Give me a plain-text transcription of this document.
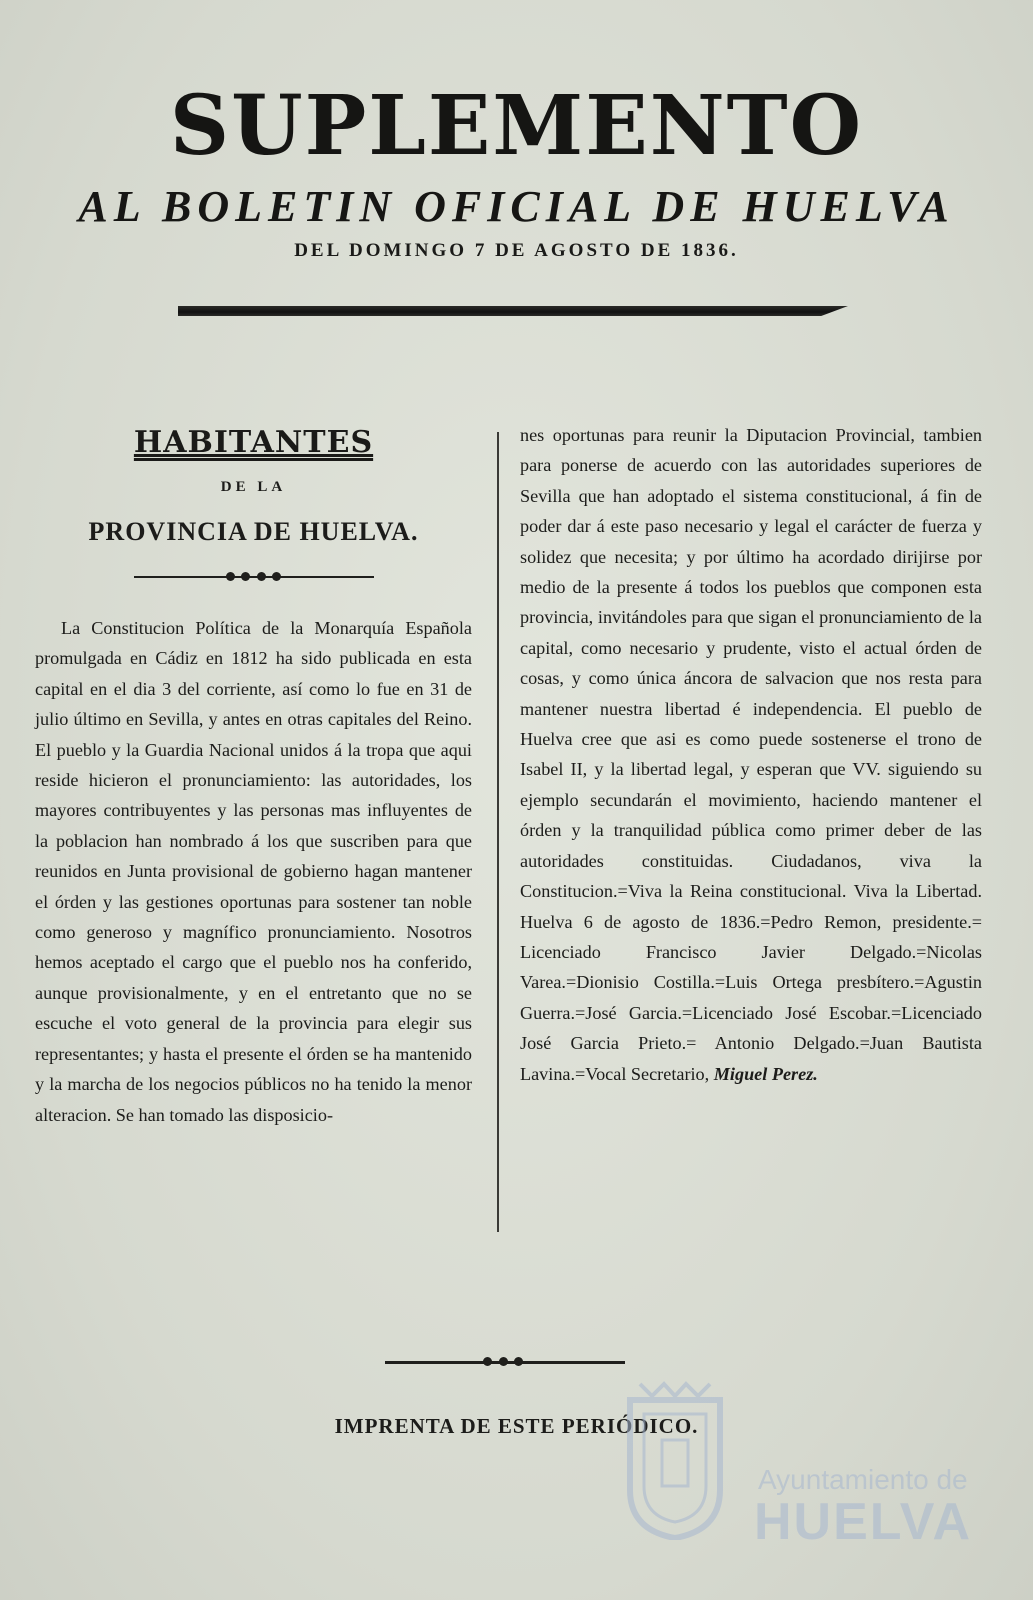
SUPLEMENTO
AL BOLETIN OFICIAL DE HUELVA
DEL DOMINGO 7 DE AGOSTO DE 1836.
HABITANTES
DE LA
PROVINCIA DE HUELVA.

La Constitucion Política de la Monarquía Española promulgada en Cádiz en 1812 ha sido publicada en esta capital en el dia 3 del corriente, así como lo fue en 31 de julio último en Sevilla, y antes en otras capitales del Reino. El pueblo y la Guardia Nacional unidos á la tropa que aqui reside hicieron el pronunciamiento: las autoridades, los mayores contribuyentes y las personas mas influyentes de la poblacion han nombrado á los que suscriben para que reunidos en Junta provisional de gobierno hagan mantener el órden y las gestiones oportunas para sostener tan noble como generoso y magnífico pronunciamiento. Nosotros hemos aceptado el cargo que el pueblo nos ha conferido, aunque provisionalmente, y en el entretanto que no se escuche el voto general de la provincia para elegir sus representantes; y hasta el presente el órden se ha mantenido y la marcha de los negocios públicos no ha tenido la menor alteracion. Se han tomado las disposicio-

nes oportunas para reunir la Diputacion Provincial, tambien para ponerse de acuerdo con las autoridades superiores de Sevilla que han adoptado el sistema constitucional, á fin de poder dar á este paso necesario y legal el carácter de fuerza y solidez que necesita; y por último ha acordado dirijirse por medio de la presente á todos los pueblos que componen esta provincia, invitándoles para que sigan el pronunciamiento de la capital, como necesario y prudente, visto el actual órden de cosas, y como única áncora de salvacion que nos resta para mantener nuestra libertad é independencia. El pueblo de Huelva cree que asi es como puede sostenerse el trono de Isabel II, y la libertad legal, y esperan que VV. siguiendo su ejemplo secundarán el movimiento, haciendo mantener el órden y la tranquilidad pública como primer deber de las autoridades constituidas. Ciudadanos, viva la Constitucion.=Viva la Reina constitucional. Viva la Libertad. Huelva 6 de agosto de 1836.=Pedro Remon, presidente.= Licenciado Francisco Javier Delgado.=Nicolas Varea.=Dionisio Costilla.=Luis Ortega presbítero.=Agustin Guerra.=José Garcia.=Licenciado José Escobar.=Licenciado José Garcia Prieto.= Antonio Delgado.=Juan Bautista Lavina.=Vocal Secretario, Miguel Perez.

IMPRENTA DE ESTE PERIÓDICO.
Ayuntamiento de
HUELVA
